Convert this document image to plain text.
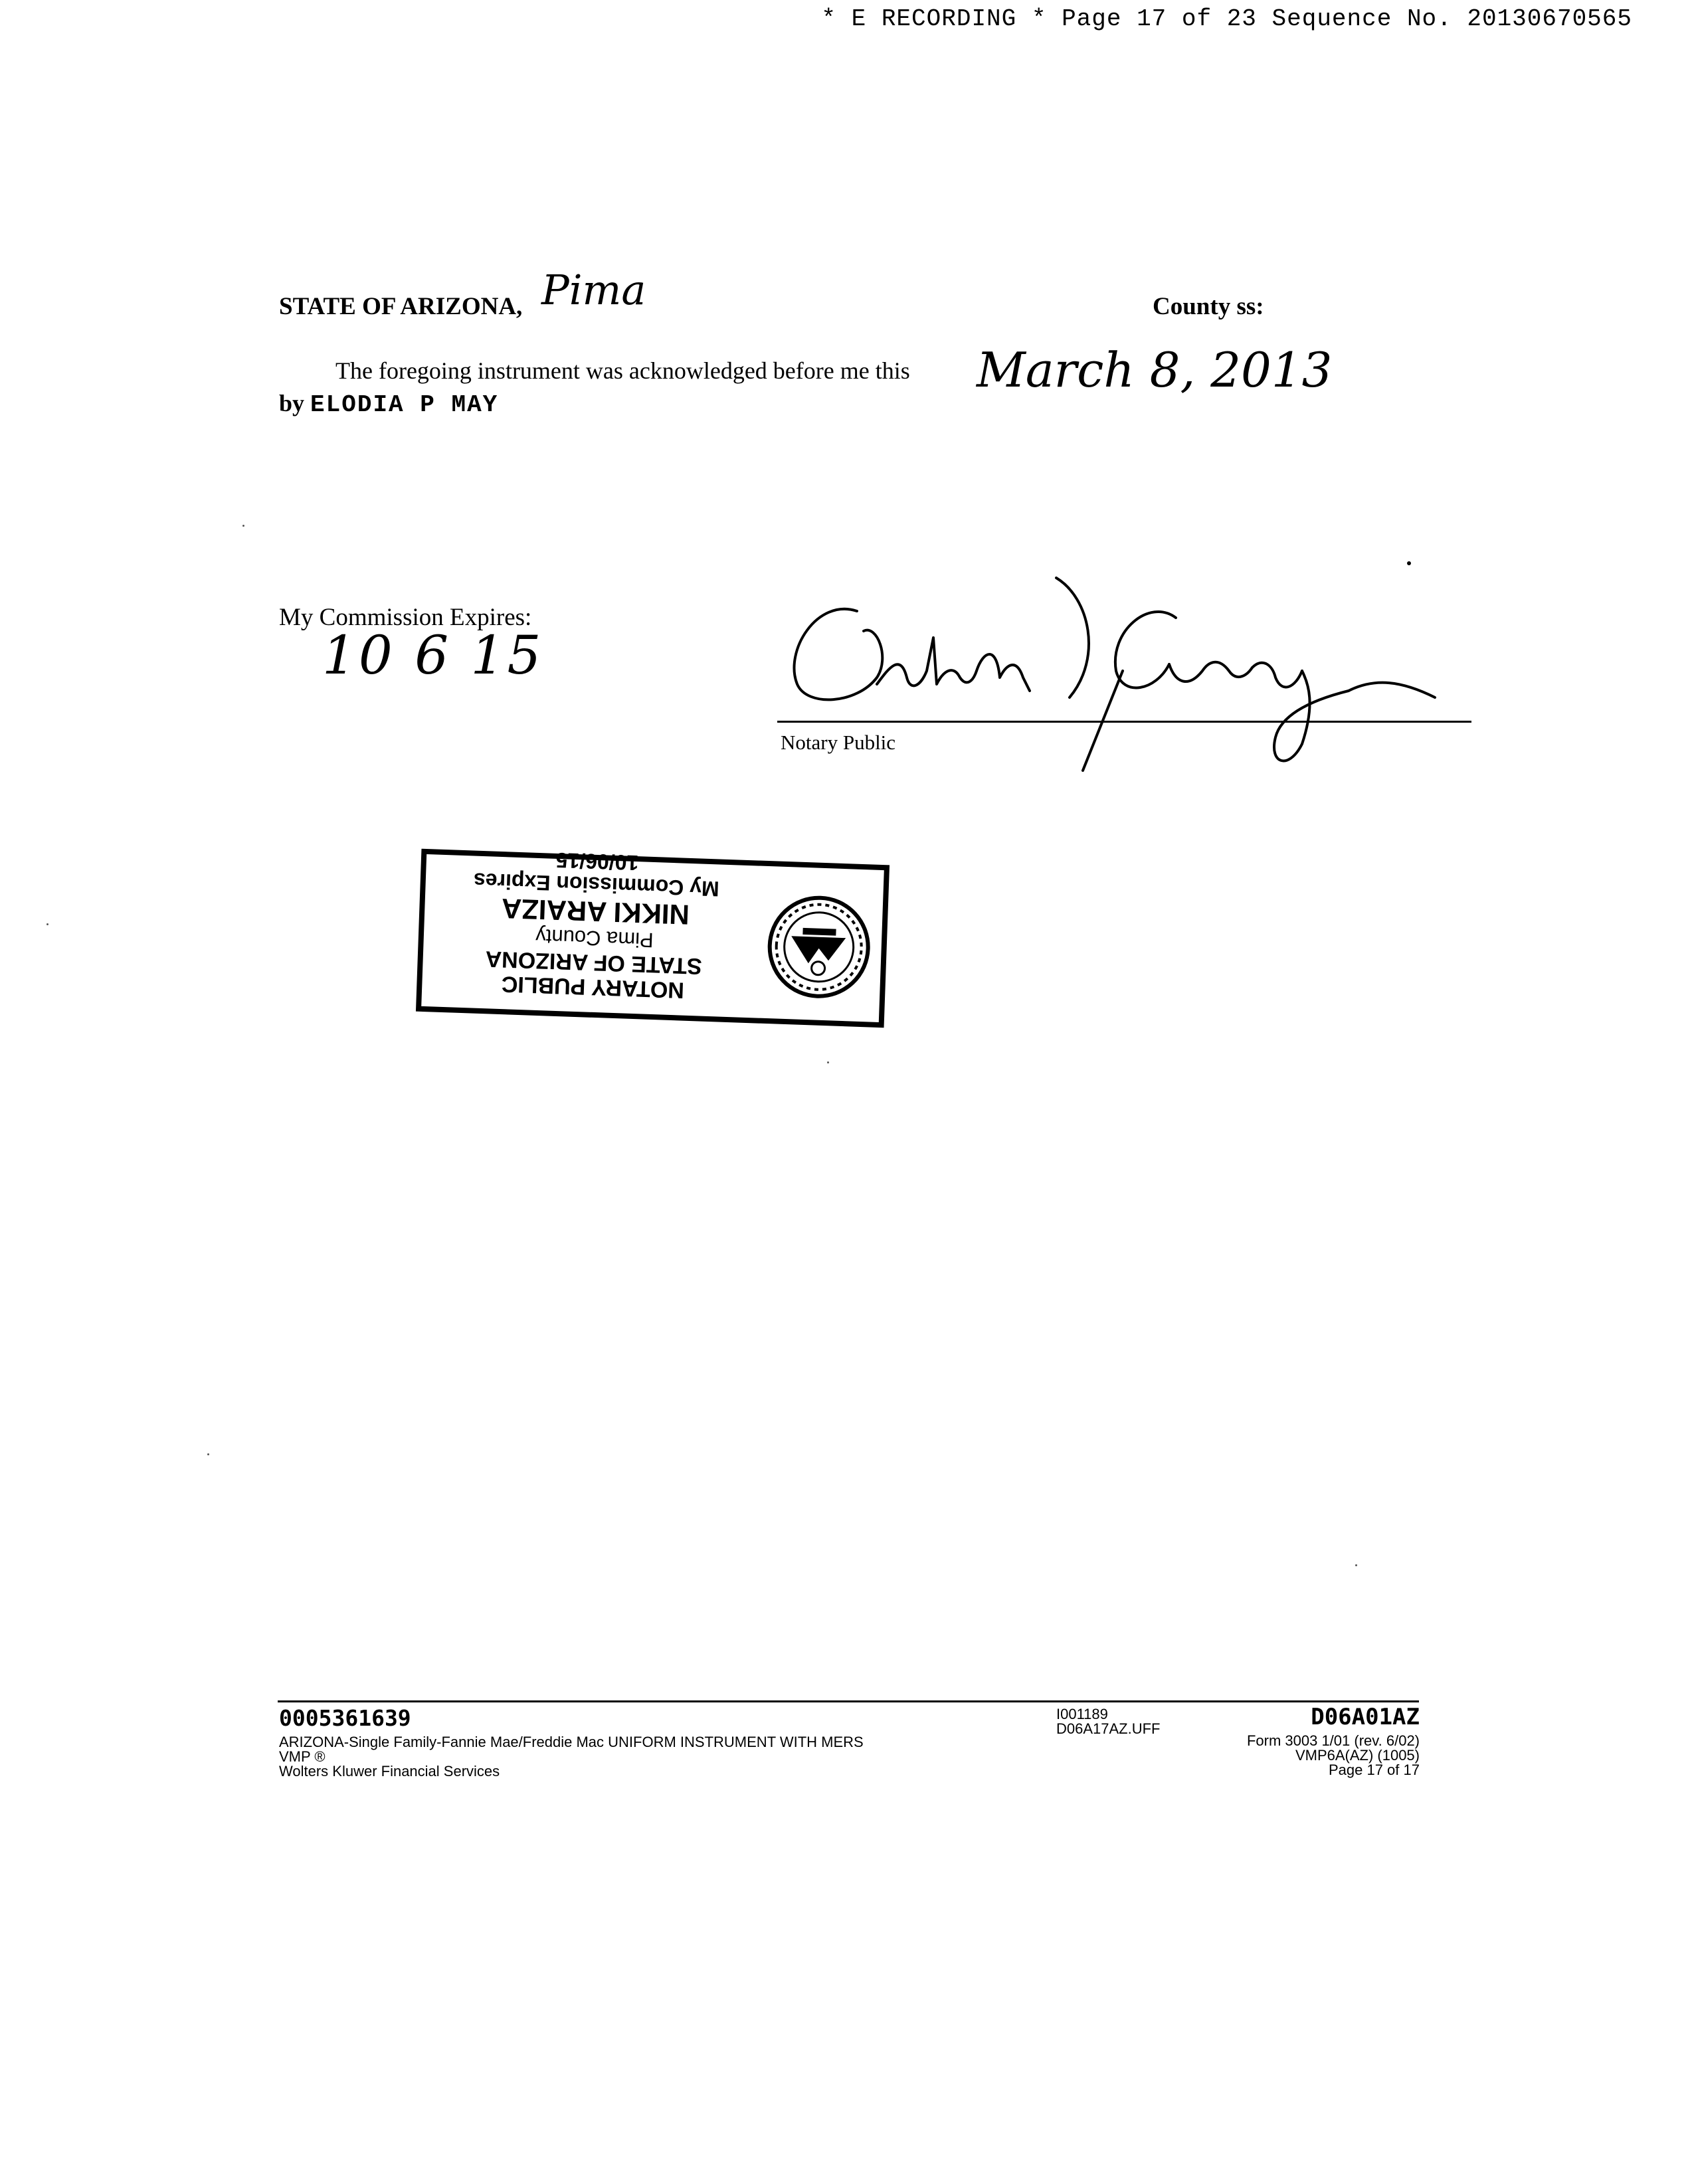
* E RECORDING * Page 17 of 23 Sequence No. 20130670565
STATE OF ARIZONA, Pima	County ss:
The foregoing instrument was acknowledged before me this March 8, 2013
by ELODIA P MAY
My Commission Expires:
10 6 15
Notary Public
NOTARY PUBLIC
STATE OF ARIZONA
Pima County
NIKKI ARAIZA
My Commission Expires 10/06/15
0005361639
ARIZONA-Single Family-Fannie Mae/Freddie Mac UNIFORM INSTRUMENT WITH MERS
VMP ®
Wolters Kluwer Financial Services
I001189
D06A17AZ.UFF	D06A01AZ
Form 3003 1/01 (rev. 6/02)
VMP6A(AZ) (1005)
Page 17 of 17
